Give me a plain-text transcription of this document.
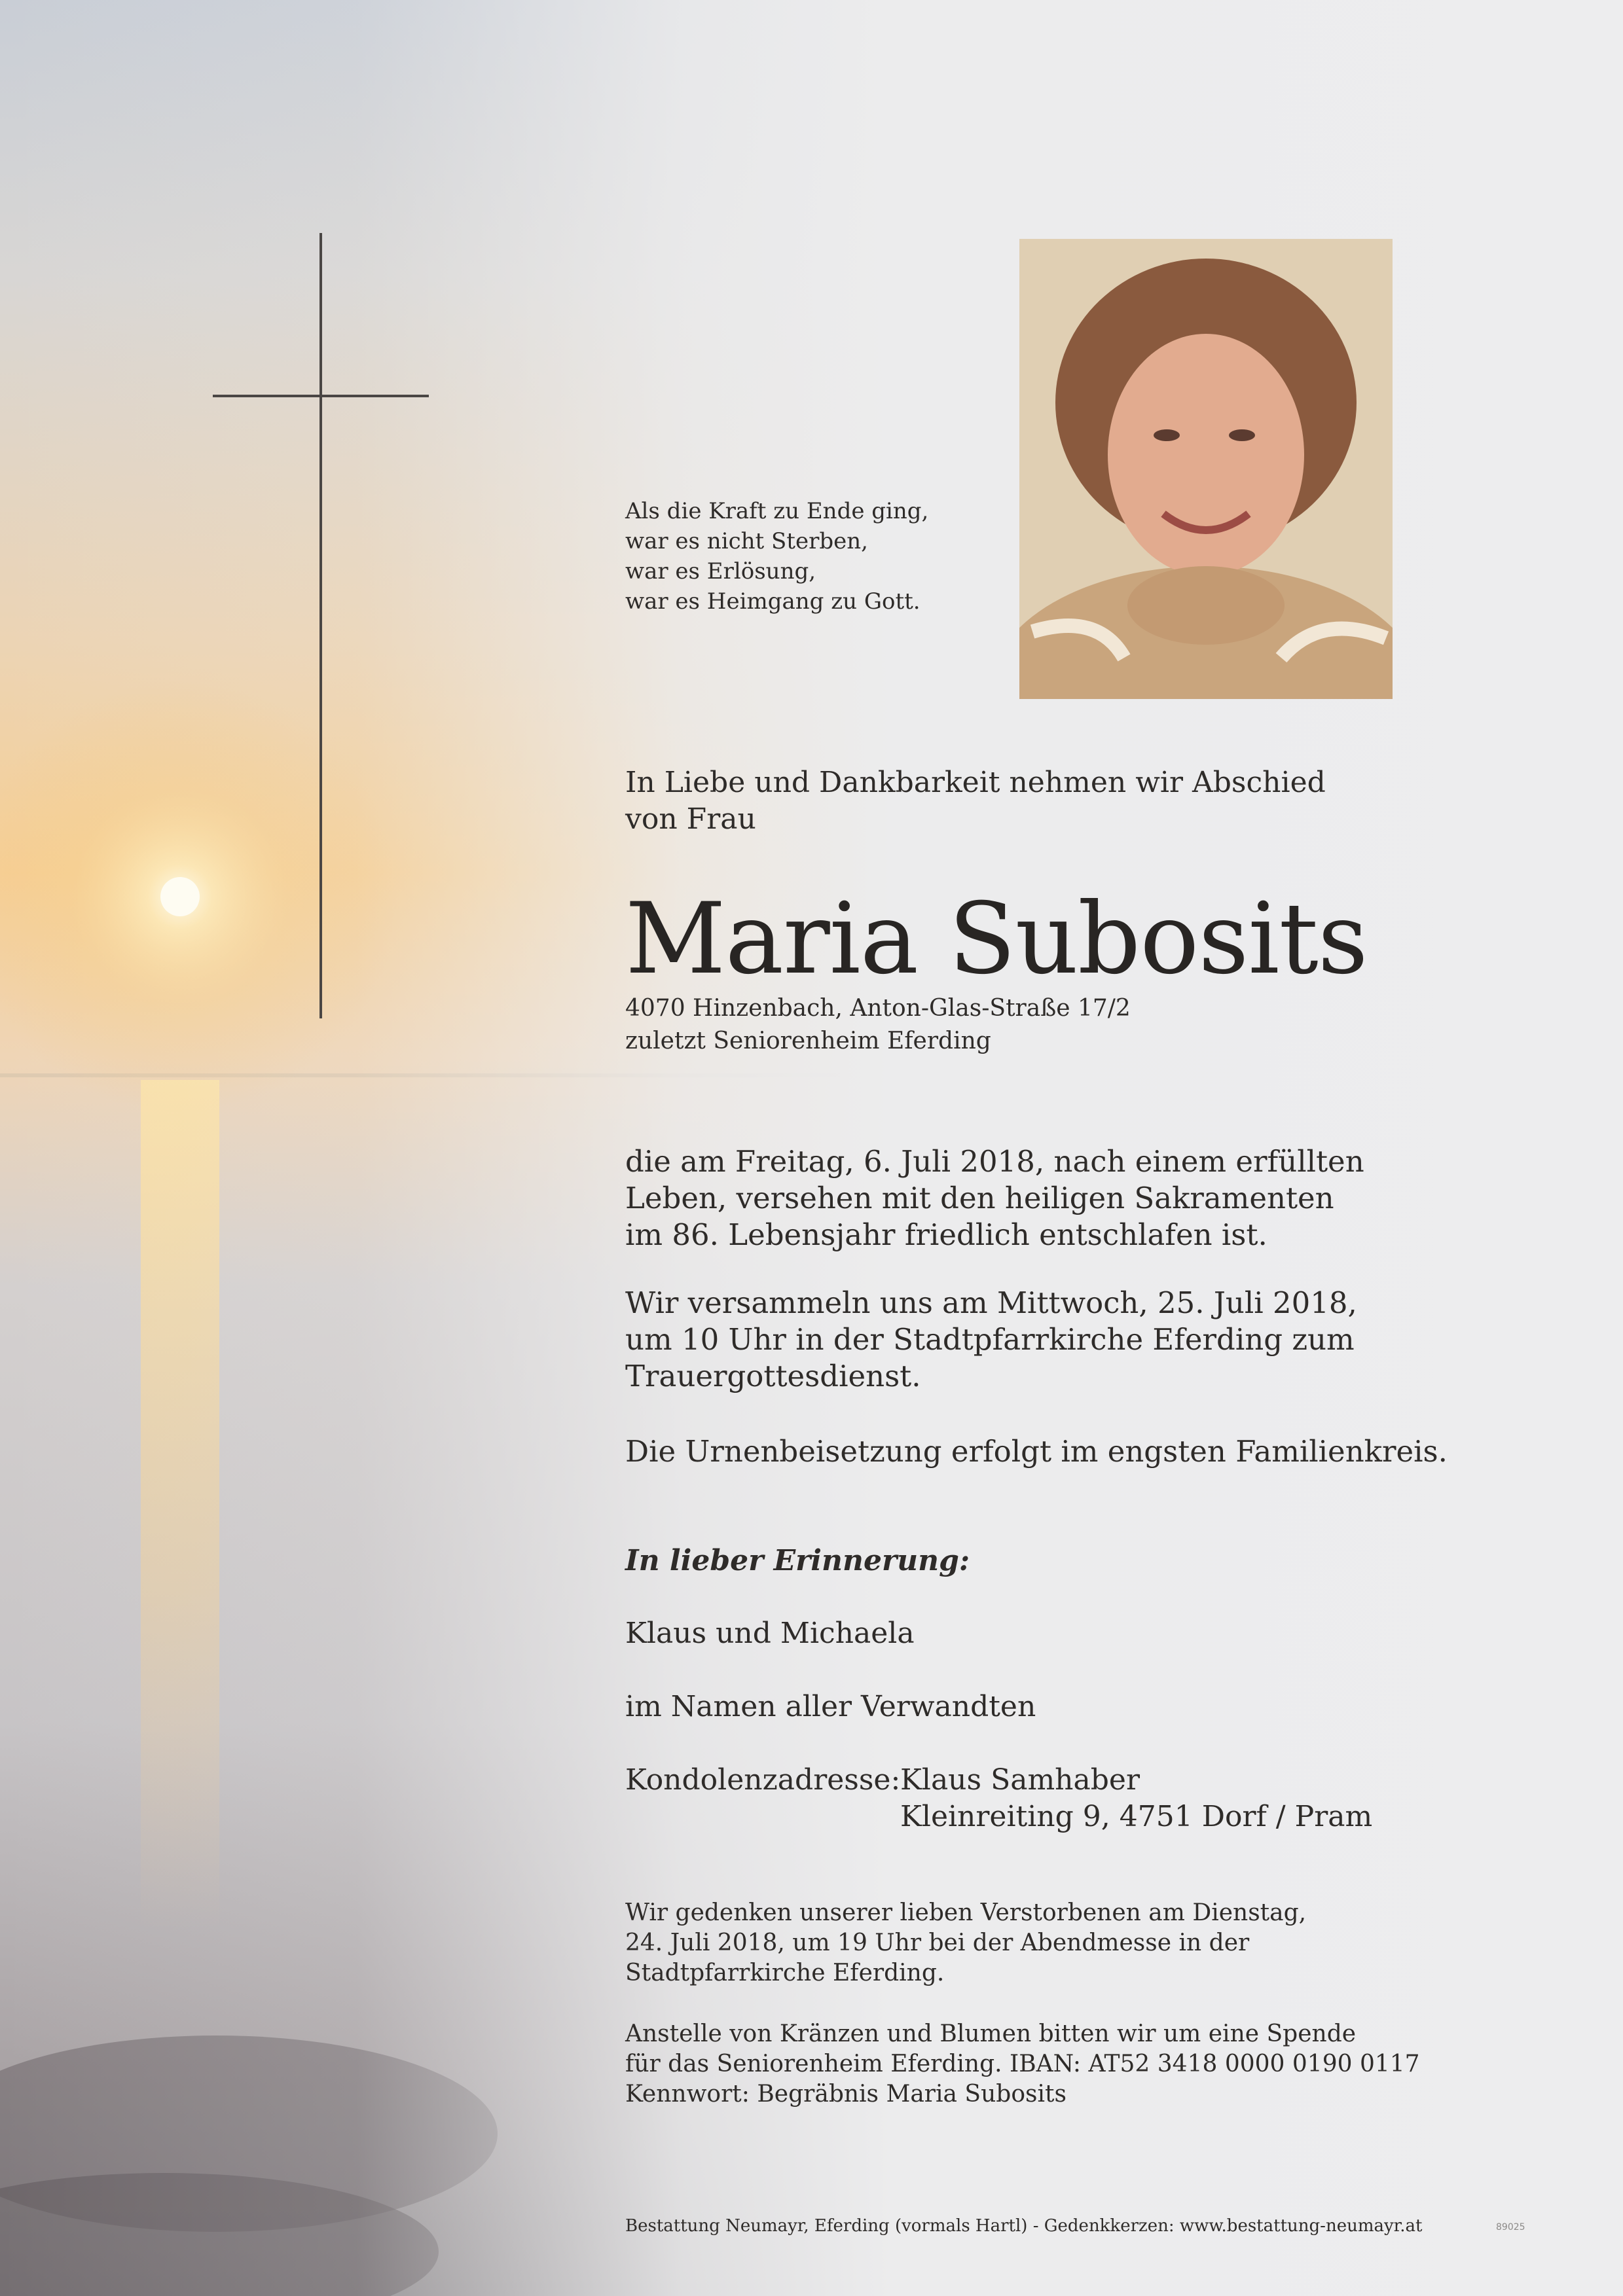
Als die Kraft zu Ende ging,
war es nicht Sterben,
war es Erlösung,
war es Heimgang zu Gott.
In Liebe und Dankbarkeit nehmen wir Abschied
von Frau
Maria Subosits
4070 Hinzenbach, Anton-Glas-Straße 17/2
zuletzt Seniorenheim Eferding
die am Freitag, 6. Juli 2018, nach einem erfüllten
Leben, versehen mit den heiligen Sakramenten
im 86. Lebensjahr friedlich entschlafen ist.
Wir versammeln uns am Mittwoch, 25. Juli 2018,
um 10 Uhr in der Stadtpfarrkirche Eferding zum
Trauergottesdienst.
Die Urnenbeisetzung erfolgt im engsten Familienkreis.
In lieber Erinnerung:
Klaus und Michaela
im Namen aller Verwandten
Kondolenzadresse:Klaus Samhaber
Kleinreiting 9, 4751 Dorf / Pram
Wir gedenken unserer lieben Verstorbenen am Dienstag,
24. Juli 2018, um 19 Uhr bei der Abendmesse in der
Stadtpfarrkirche Eferding.
Anstelle von Kränzen und Blumen bitten wir um eine Spende
für das Seniorenheim Eferding. IBAN: AT52 3418 0000 0190 0117
Kennwort: Begräbnis Maria Subosits
Bestattung Neumayr, Eferding (vormals Hartl) - Gedenkkerzen: www.bestattung-neumayr.at	89025
